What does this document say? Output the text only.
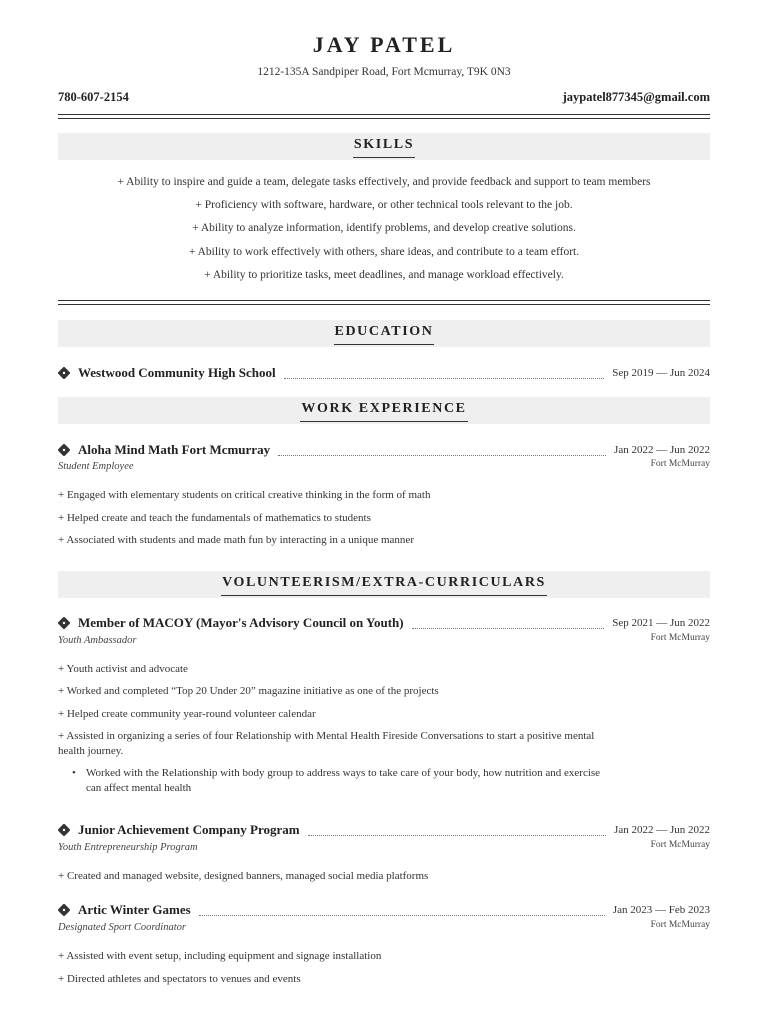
JAY PATEL
1212-135A Sandpiper Road, Fort Mcmurray, T9K 0N3
780-607-2154	jaypatel877345@gmail.com
SKILLS
+ Ability to inspire and guide a team, delegate tasks effectively, and provide feedback and support to team members
+ Proficiency with software, hardware, or other technical tools relevant to the job.
+ Ability to analyze information, identify problems, and develop creative solutions.
+ Ability to work effectively with others, share ideas, and contribute to a team effort.
+ Ability to prioritize tasks, meet deadlines, and manage workload effectively.
EDUCATION
Westwood Community High School	Sep 2019 — Jun 2024
WORK EXPERIENCE
Aloha Mind Math Fort Mcmurray	Jan 2022 — Jun 2022
Fort McMurray
Student Employee
+ Engaged with elementary students on critical creative thinking in the form of math
+ Helped create and teach the fundamentals of mathematics to students
+ Associated with students and made math fun by interacting in a unique manner
VOLUNTEERISM/EXTRA-CURRICULARS
Member of MACOY (Mayor's Advisory Council on Youth)	Sep 2021 — Jun 2022
Fort McMurray
Youth Ambassador
+ Youth activist and advocate
+ Worked and completed “Top 20 Under 20” magazine initiative as one of the projects
+ Helped create community year-round volunteer calendar
+ Assisted in organizing a series of four Relationship with Mental Health Fireside Conversations to start a positive mental health journey.
• Worked with the Relationship with body group to address ways to take care of your body, how nutrition and exercise can affect mental health
Junior Achievement Company Program	Jan 2022 — Jun 2022
Fort McMurray
Youth Entrepreneurship Program
+ Created and managed website, designed banners, managed social media platforms
Artic Winter Games	Jan 2023 — Feb 2023
Fort McMurray
Designated Sport Coordinator
+ Assisted with event setup, including equipment and signage installation
+ Directed athletes and spectators to venues and events
